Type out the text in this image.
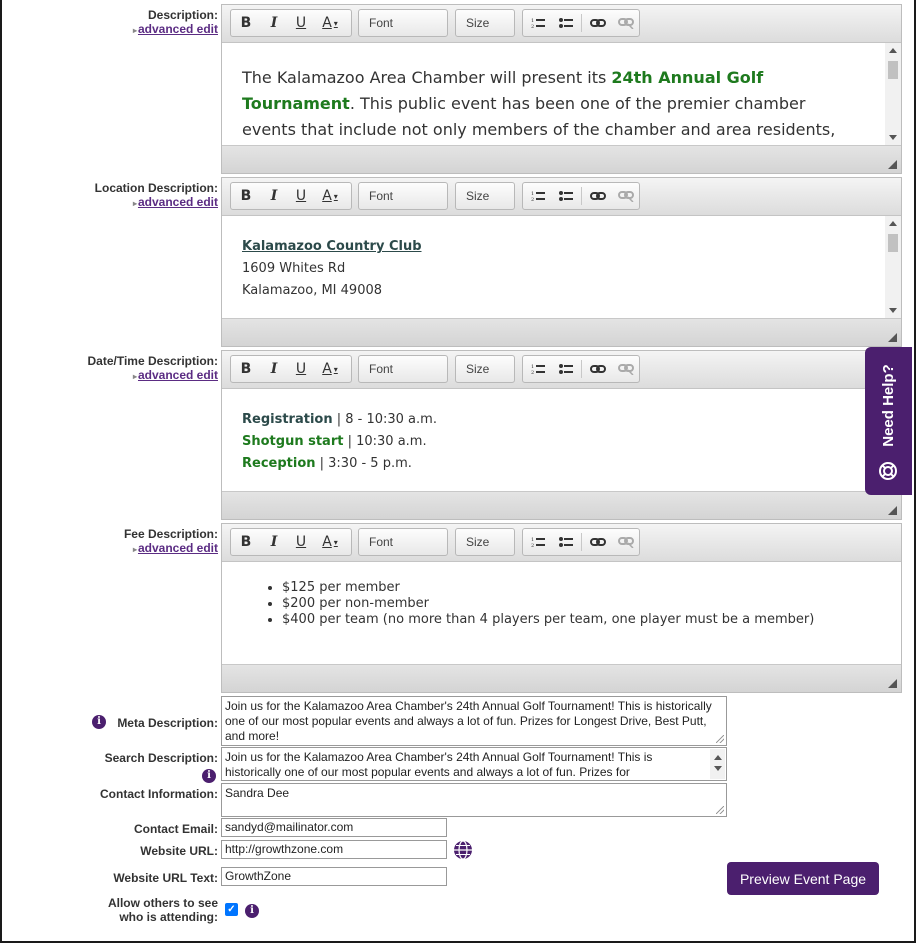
Description:
▸advanced edit	B	I	U	A ▾	Font	Size	1
2
The Kalamazoo Area Chamber will present its 24th Annual Golf Tournament. This public event has been one of the premier chamber events that include not only members of the chamber and area residents,
Location Description:
▸advanced edit	B	I	U	A ▾	Font	Size	1
2
Kalamazoo Country Club
1609 Whites Rd
Kalamazoo, MI 49008
Date/Time Description:
▸advanced edit	B	I	U	A ▾	Font	Size	1
2
Registration | 8 - 10:30 a.m.
Shotgun start | 10:30 a.m.
Reception | 3:30 - 5 p.m.
Fee Description:
▸advanced edit	B	I	U	A ▾	Font	Size	1
2
• $125 per member
• $200 per non-member
• $400 per team (no more than 4 players per team, one player must be a member)
i	Meta Description:
Join us for the Kalamazoo Area Chamber's 24th Annual Golf Tournament! This is historically one of our most popular events and always a lot of fun. Prizes for Longest Drive, Best Putt, and more!
Search Description:
i
Join us for the Kalamazoo Area Chamber's 24th Annual Golf Tournament! This is historically one of our most popular events and always a lot of fun. Prizes for
Contact Information: Sandra Dee
Contact Email: sandyd@mailinator.com
Website URL: http://growthzone.com
Website URL Text: GrowthZone	Preview Event Page
Allow others to see
who is attending:
✓	i
Need Help?
